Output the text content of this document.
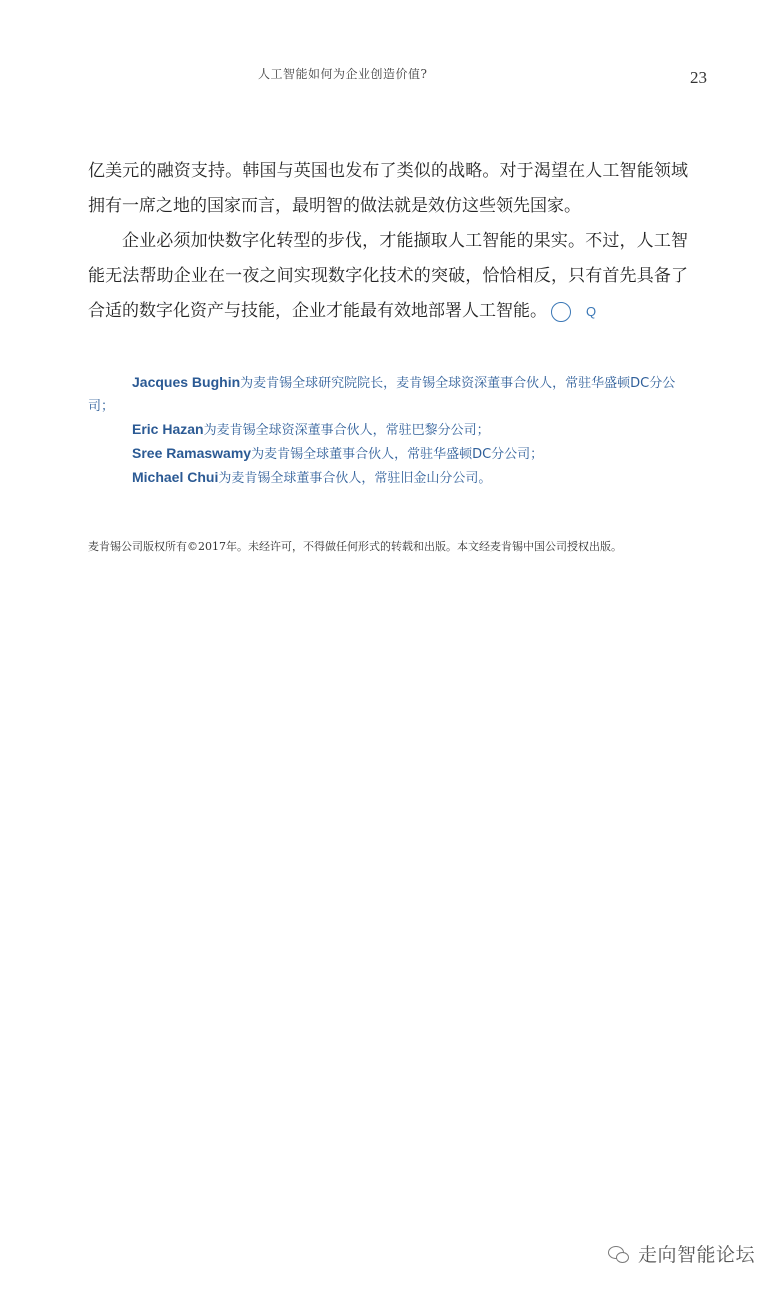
人工智能如何为企业创造价值?	23

亿美元的融资支持。韩国与英国也发布了类似的战略。对于渴望在人工智能领域拥有一席之地的国家而言，最明智的做法就是效仿这些领先国家。

企业必须加快数字化转型的步伐，才能撷取人工智能的果实。不过，人工智能无法帮助企业在一夜之间实现数字化技术的突破，恰恰相反，只有首先具备了合适的数字化资产与技能，企业才能最有效地部署人工智能。	Q

Jacques Bughin为麦肯锡全球研究院院长，麦肯锡全球资深董事合伙人，常驻华盛顿DC分公司；

Eric Hazan为麦肯锡全球资深董事合伙人，常驻巴黎分公司；

Sree Ramaswamy为麦肯锡全球董事合伙人，常驻华盛顿DC分公司；

Michael Chui为麦肯锡全球董事合伙人，常驻旧金山分公司。

麦肯锡公司版权所有©2017年。未经许可，不得做任何形式的转载和出版。本文经麦肯锡中国公司授权出版。
走向智能论坛
